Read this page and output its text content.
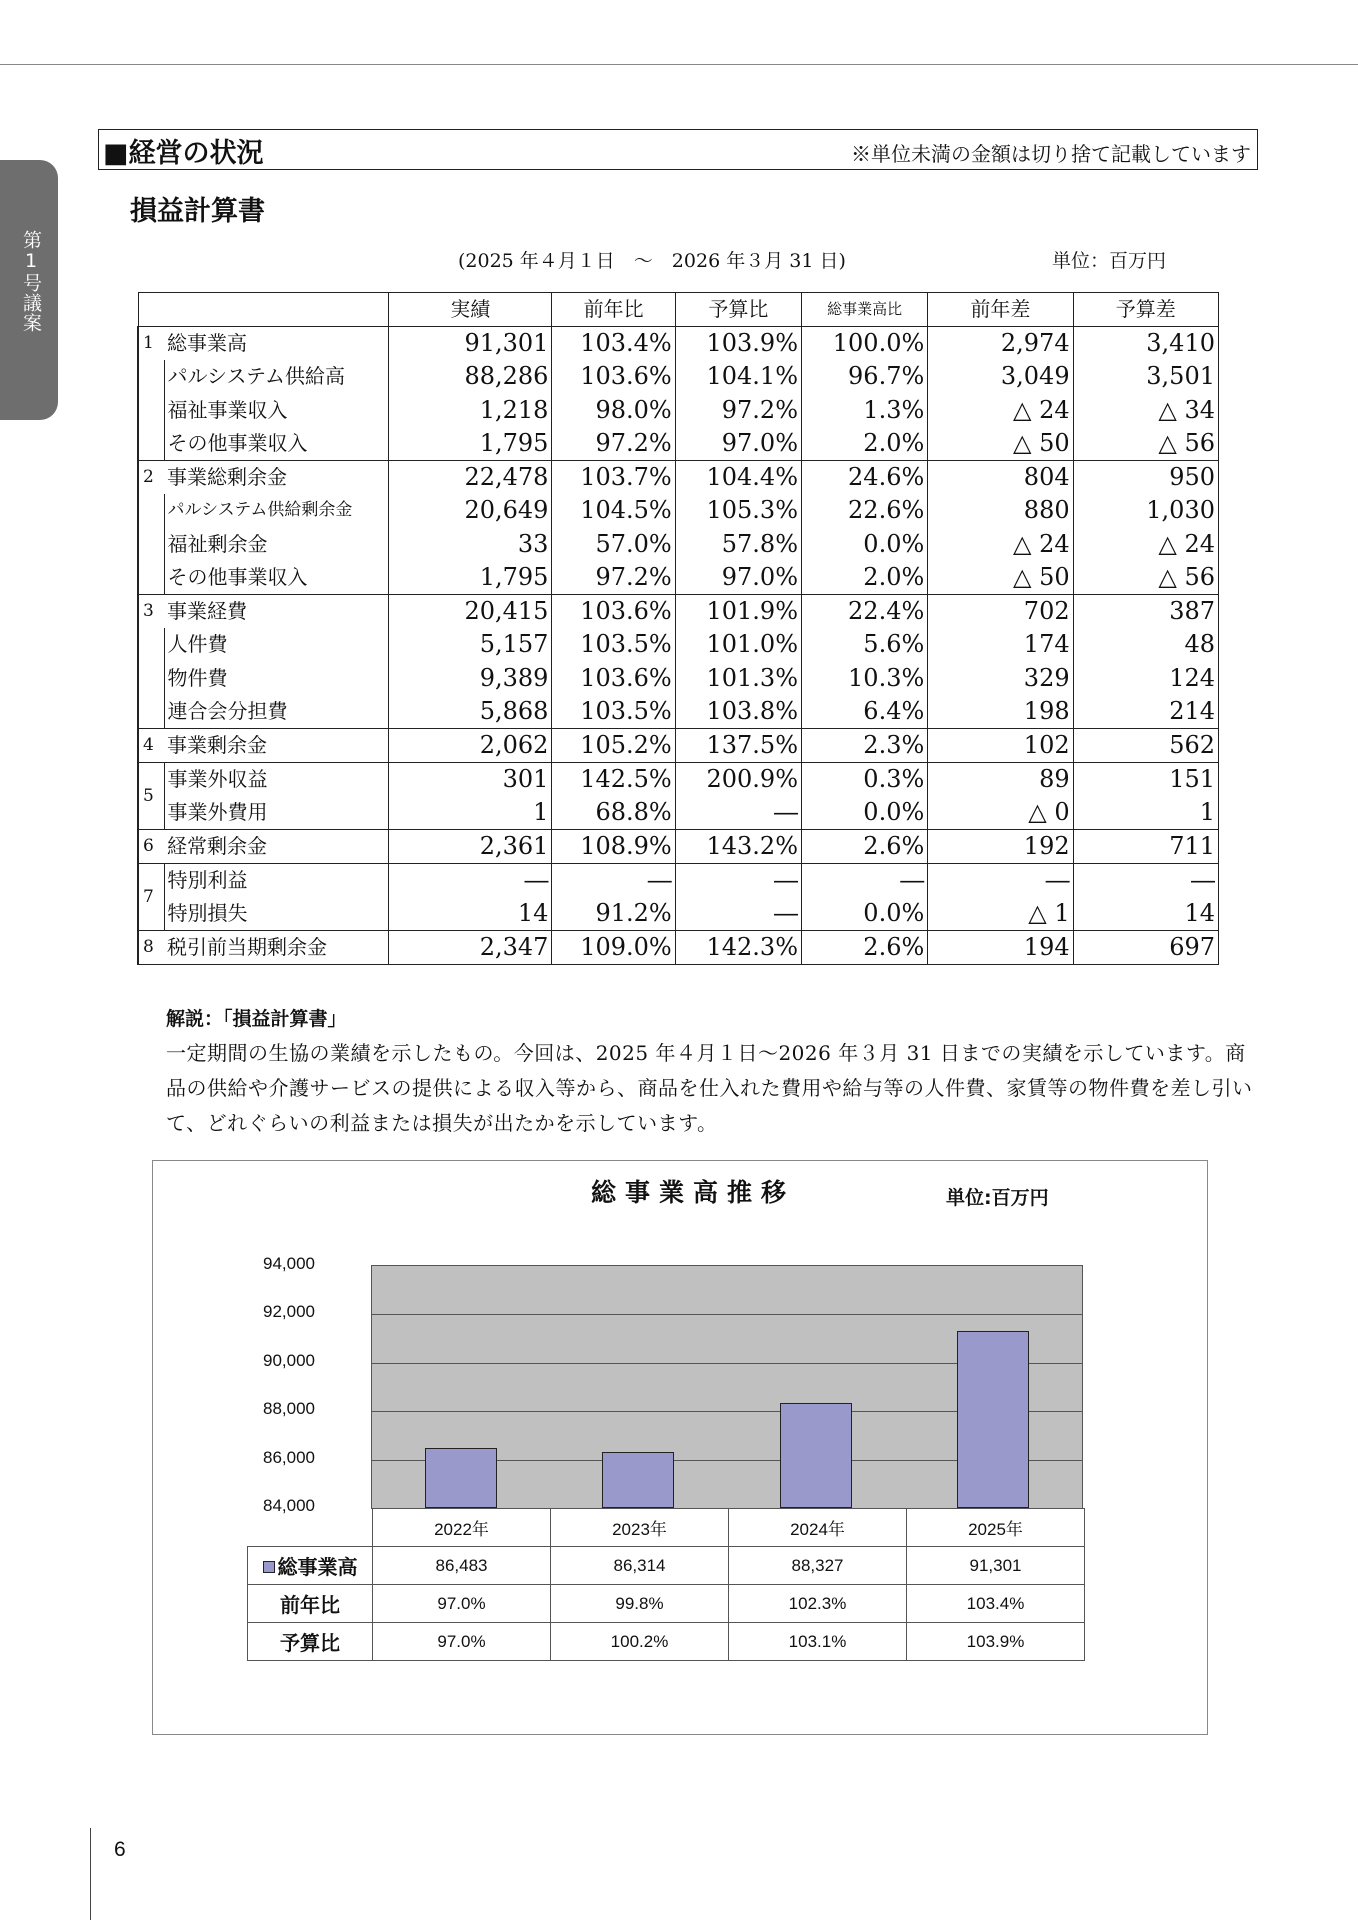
第1号議案
■経営の状況	※単位未満の金額は切り捨て記載しています
損益計算書
(2025 年４月１日　～　2026 年３月 31 日)	単位：百万円
		実績	前年比	予算比	総事業高比	前年差	予算差
1	総事業高	91,301	103.4%	103.9%	100.0%	2,974	3,410
	パルシステム供給高	88,286	103.6%	104.1%	96.7%	3,049	3,501
	福祉事業収入	1,218	98.0%	97.2%	1.3%	△ 24	△ 34
	その他事業収入	1,795	97.2%	97.0%	2.0%	△ 50	△ 56
2	事業総剰余金	22,478	103.7%	104.4%	24.6%	804	950
	パルシステム供給剰余金	20,649	104.5%	105.3%	22.6%	880	1,030
	福祉剰余金	33	57.0%	57.8%	0.0%	△ 24	△ 24
	その他事業収入	1,795	97.2%	97.0%	2.0%	△ 50	△ 56
3	事業経費	20,415	103.6%	101.9%	22.4%	702	387
	人件費	5,157	103.5%	101.0%	5.6%	174	48
	物件費	9,389	103.6%	101.3%	10.3%	329	124
	連合会分担費	5,868	103.5%	103.8%	6.4%	198	214
4	事業剰余金	2,062	105.2%	137.5%	2.3%	102	562
5	事業外収益	301	142.5%	200.9%	0.3%	89	151
	事業外費用	1	68.8%	―	0.0%	△ 0	1
6	経常剰余金	2,361	108.9%	143.2%	2.6%	192	711
7	特別利益	―	―	―	―	―	―
	特別損失	14	91.2%	―	0.0%	△ 1	14
8	税引前当期剰余金	2,347	109.0%	142.3%	2.6%	194	697
解説：「損益計算書」
一定期間の生協の業績を示したもの。今回は、2025 年４月１日～2026 年３月 31 日までの実績を示しています。商品の供給や介護サービスの提供による収入等から、商品を仕入れた費用や給与等の人件費、家賃等の物件費を差し引いて、どれぐらいの利益または損失が出たかを示しています。
総事業高推移	単位:百万円
94,000
92,000
90,000
88,000
86,000
84,000
	2022年	2023年	2024年	2025年
総事業高	86,483	86,314	88,327	91,301
前年比	97.0%	99.8%	102.3%	103.4%
予算比	97.0%	100.2%	103.1%	103.9%
6
